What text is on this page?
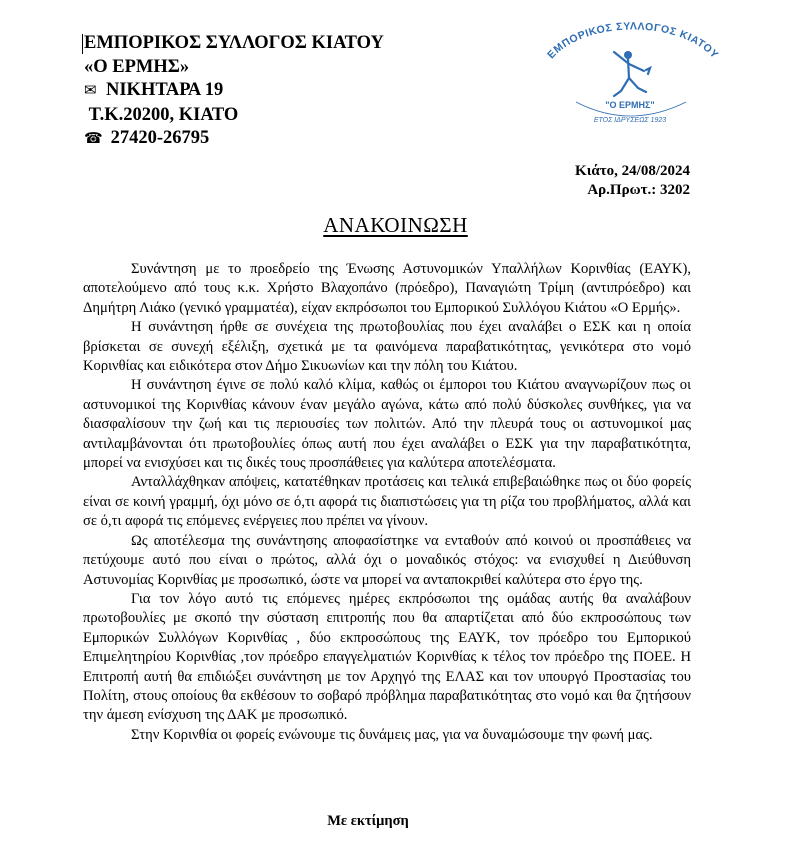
ΕΜΠΟΡΙΚΟΣ ΣΥΛΛΟΓΟΣ ΚΙΑΤΟΥ
«Ο ΕΡΜΗΣ»
✉ ΝΙΚΗΤΑΡΑ 19
Τ.Κ.20200, ΚΙΑΤΟ
☎ 27420-26795
ΕΜΠΟΡΙΚΟΣ ΣΥΛΛΟΓΟΣ ΚΙΑΤΟΥ
"Ο ΕΡΜΗΣ"
ΕΤΟΣ ΙΔΡΥΣΕΩΣ 1923
Κιάτο, 24/08/2024
Αρ.Πρωτ.: 3202
ΑΝΑΚΟΙΝΩΣΗ

Συνάντηση με το προεδρείο της Ένωσης Αστυνομικών Υπαλλήλων Κορινθίας (ΕΑΥΚ), αποτελούμενο από τους κ.κ. Χρήστο Βλαχοπάνο (πρόεδρο), Παναγιώτη Τρίμη (αντιπρόεδρο) και Δημήτρη Λιάκο (γενικό γραμματέα), είχαν εκπρόσωποι του Εμπορικού Συλλόγου Κιάτου «Ο Ερμής».

Η συνάντηση ήρθε σε συνέχεια της πρωτοβουλίας που έχει αναλάβει ο ΕΣΚ και η οποία βρίσκεται σε συνεχή εξέλιξη, σχετικά με τα φαινόμενα παραβατικότητας, γενικότερα στο νομό Κορινθίας και ειδικότερα στον Δήμο Σικυωνίων και την πόλη του Κιάτου.

Η συνάντηση έγινε σε πολύ καλό κλίμα, καθώς οι έμποροι του Κιάτου αναγνωρίζουν πως οι αστυνομικοί της Κορινθίας κάνουν έναν μεγάλο αγώνα, κάτω από πολύ δύσκολες συνθήκες, για να διασφαλίσουν την ζωή και τις περιουσίες των πολιτών. Από την πλευρά τους οι αστυνομικοί μας αντιλαμβάνονται ότι πρωτοβουλίες όπως αυτή που έχει αναλάβει ο ΕΣΚ για την παραβατικότητα, μπορεί να ενισχύσει και τις δικές τους προσπάθειες για καλύτερα αποτελέσματα.

Ανταλλάχθηκαν απόψεις, κατατέθηκαν προτάσεις και τελικά επιβεβαιώθηκε πως οι δύο φορείς είναι σε κοινή γραμμή, όχι μόνο σε ό,τι αφορά τις διαπιστώσεις για τη ρίζα του προβλήματος, αλλά και σε ό,τι αφορά τις επόμενες ενέργειες που πρέπει να γίνουν.

Ως αποτέλεσμα της συνάντησης αποφασίστηκε να ενταθούν από κοινού οι προσπάθειες να πετύχουμε αυτό που είναι ο πρώτος, αλλά όχι ο μοναδικός στόχος: να ενισχυθεί η Διεύθυνση Αστυνομίας Κορινθίας με προσωπικό, ώστε να μπορεί να ανταποκριθεί καλύτερα στο έργο της.

Για τον λόγο αυτό τις επόμενες ημέρες εκπρόσωποι της ομάδας αυτής θα αναλάβουν πρωτοβουλίες με σκοπό την σύσταση επιτροπής που θα απαρτίζεται από δύο εκπροσώπους των Εμπορικών Συλλόγων Κορινθίας , δύο εκπροσώπους της ΕΑΥΚ, τον πρόεδρο του Εμπορικού Επιμελητηρίου Κορινθίας ,τον πρόεδρο επαγγελματιών Κορινθίας κ τέλος τον πρόεδρο της ΠΟΕΕ. Η Επιτροπή αυτή θα επιδιώξει συνάντηση με τον Αρχηγό της ΕΛΑΣ και τον υπουργό Προστασίας του Πολίτη, στους οποίους θα εκθέσουν το σοβαρό πρόβλημα παραβατικότητας στο νομό και θα ζητήσουν την άμεση ενίσχυση της ΔΑΚ με προσωπικό.

Στην Κορινθία οι φορείς ενώνουμε τις δυνάμεις μας, για να δυναμώσουμε την φωνή μας.

Με εκτίμηση
